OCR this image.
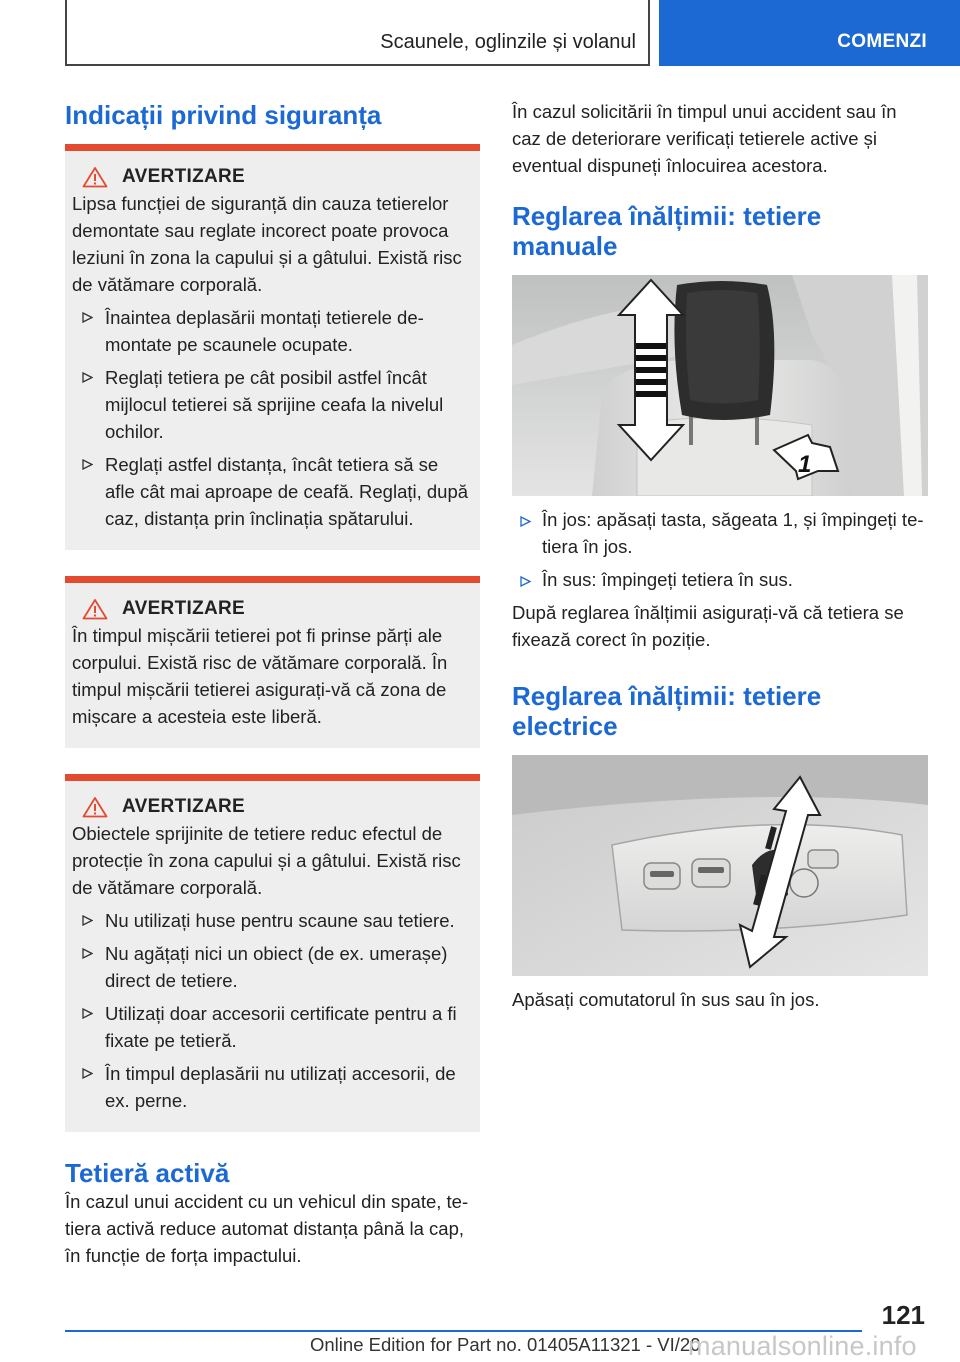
Scaunele, oglinzile și volanul	COMENZI
Indicații privind siguranța
AVERTIZARE
Lipsa funcției de siguranță din cauza tetierelor demontate sau reglate incorect poate provoca leziuni în zona la capului și a gâtului. Există risc de vătămare corporală.
Înaintea deplasării montați tetierele de-montate pe scaunele ocupate.
Reglați tetiera pe cât posibil astfel încât mijlocul tetierei să sprijine ceafa la nivelul ochilor.
Reglați astfel distanța, încât tetiera să se afle cât mai aproape de ceafă. Reglați, după caz, distanța prin înclinația spătarului.
AVERTIZARE
În timpul mișcării tetierei pot fi prinse părți ale corpului. Există risc de vătămare corporală. În timpul mișcării tetierei asigurați-vă că zona de mișcare a acesteia este liberă.
AVERTIZARE
Obiectele sprijinite de tetiere reduc efectul de protecție în zona capului și a gâtului. Există risc de vătămare corporală.
Nu utilizați huse pentru scaune sau tetiere.
Nu agățați nici un obiect (de ex. umerașe) direct de tetiere.
Utilizați doar accesorii certificate pentru a fi fixate pe tetieră.
În timpul deplasării nu utilizați accesorii, de ex. perne.
Tetieră activă
În cazul unui accident cu un vehicul din spate, te-tiera activă reduce automat distanța până la cap, în funcție de forța impactului.
În cazul solicitării în timpul unui accident sau în caz de deteriorare verificați tetierele active și eventual dispuneți înlocuirea acestora.
Reglarea înălțimii: tetiere manuale
1
În jos: apăsați tasta, săgeata 1, și împingeți te-tiera în jos.
În sus: împingeți tetiera în sus.
După reglarea înălțimii asigurați-vă că tetiera se fixează corect în poziție.
Reglarea înălțimii: tetiere electrice
Apăsați comutatorul în sus sau în jos.
121
Online Edition for Part no. 01405A11321 - VI/20
manualsonline.info
